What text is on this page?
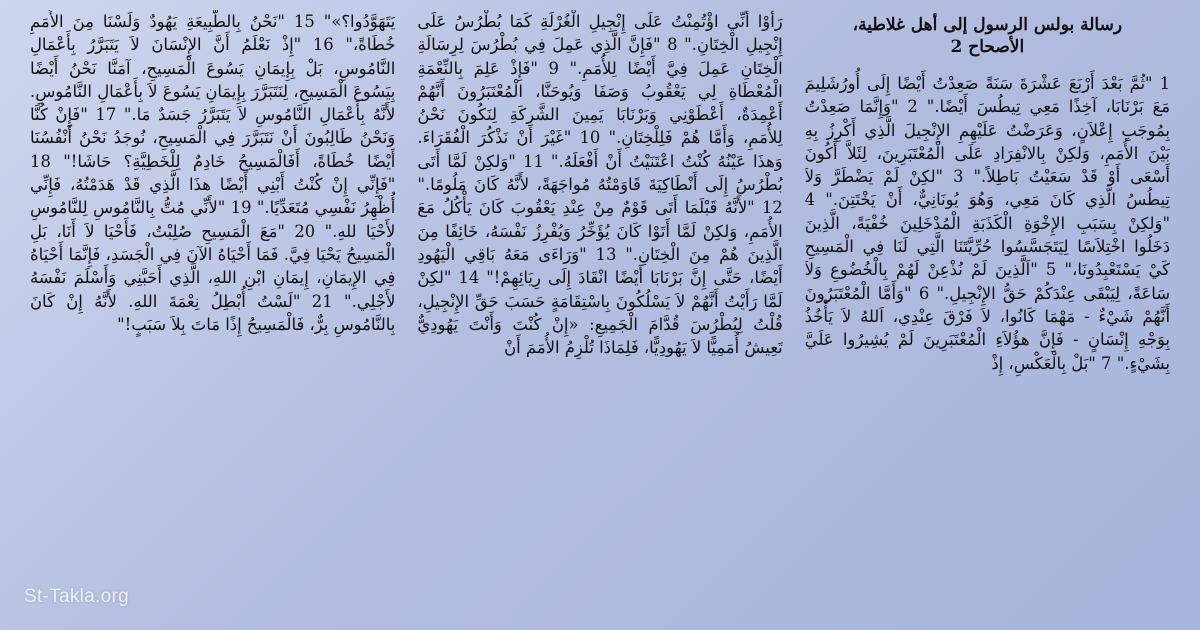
رسالة بولس الرسول إلى أهل غلاطية،
الأصحاح 2
1 "ثُمَّ بَعْدَ أَرْبَعَ عَشْرَةَ سَنَةً صَعِدْتُ أَيْضًا إِلَى أُورُشَلِيمَ مَعَ بَرْنَابَا، آخِذًا مَعِي تِيطُسَ أَيْضًا." 2 "وَإِنَّمَا صَعِدْتُ بِمُوجَبِ إِعْلاَنٍ، وَعَرَضْتُ عَلَيْهِمِ الإِنْجِيلَ الَّذِي أَكْرِزُ بِهِ بَيْنَ الأُمَمِ، وَلكِنْ بِالانْفِرَادِ عَلَى الْمُعْتَبَرِينَ، لِئَلاَّ أَكُونَ أَسْعَى أَوْ قَدْ سَعَيْتُ بَاطِلاً." 3 "لكِنْ لَمْ يَضْطَرَّ وَلاَ تِيطُسُ الَّذِي كَانَ مَعِي، وَهُوَ يُونَانِيٌّ، أَنْ يَخْتَتِنَ." 4 "وَلكِنْ بِسَبَبِ الإِخْوَةِ الْكَذَبَةِ الْمُدْخَلِينَ خُفْيَةً، الَّذِينَ دَخَلُوا اخْتِلاَسًا لِيَتَجَسَّسُوا حُرِّيَّتَنَا الَّتِي لَنَا فِي الْمَسِيحِ كَيْ يَسْتَعْبِدُونَا،" 5 "اَلَّذِينَ لَمْ نُذْعِنْ لَهُمْ بِالْخُضُوعِ وَلاَ سَاعَةً، لِيَبْقَى عِنْدَكُمْ حَقُّ الإِنْجِيلِ." 6 "وَأَمَّا الْمُعْتَبَرُونَ أَنَّهُمْ شَيْءٌ - مَهْمَا كَانُوا، لاَ فَرْقَ عِنْدِي، اَللهُ لاَ يَأْخُذُ بِوَجْهِ إِنْسَانٍ - فَإِنَّ هؤُلاَءِ الْمُعْتَبَرِينَ لَمْ يُشِيرُوا عَلَيَّ بِشَيْءٍ." 7 "بَلْ بِالْعَكْسِ، إِذْ
رَأَوْا أَنِّي اؤْتُمِنْتُ عَلَى إِنْجِيلِ الْغُرْلَةِ كَمَا بُطْرُسُ عَلَى إِنْجِيلِ الْخِتَانِ." 8 "فَإِنَّ الَّذِي عَمِلَ فِي بُطْرُسَ لِرِسَالَةِ الْخِتَانِ عَمِلَ فِيَّ أَيْضًا لِلأُمَمِ." 9 "فَإِذْ عَلِمَ بِالنِّعْمَةِ الْمُعْطَاةِ لِي يَعْقُوبُ وَصَفَا وَيُوحَنَّا، الْمُعْتَبَرُونَ أَنَّهُمْ أَعْمِدَةٌ، أَعْطَوْنِي وَبَرْنَابَا يَمِينَ الشَّرِكَةِ لِنَكُونَ نَحْنُ لِلأُمَمِ، وَأَمَّا هُمْ فَلِلْخِتَانِ." 10 "غَيْرَ أَنْ نَذْكُرَ الْفُقَرَاءَ. وَهذَا عَيْنُهُ كُنْتُ اعْتَنَيْتُ أَنْ أَفْعَلَهُ." 11 "وَلكِنْ لَمَّا أَتَى بُطْرُسُ إِلَى أَنْطَاكِيَةَ قَاوَمْتُهُ مُواجَهَةً، لأَنَّهُ كَانَ مَلُومًا." 12 "لأَنَّهُ قَبْلَمَا أَتَى قَوْمٌ مِنْ عِنْدِ يَعْقُوبَ كَانَ يَأْكُلُ مَعَ الأُمَمِ، وَلكِنْ لَمَّا أَتَوْا كَانَ يُؤَخِّرُ وَيُفْرِزُ نَفْسَهُ، خَائِفًا مِنَ الَّذِينَ هُمْ مِنَ الْخِتَانِ." 13 "وَرَاءَى مَعَهُ بَاقِي الْيَهُودِ أَيْضًا، حَتَّى إِنَّ بَرْنَابَا أَيْضًا انْقَادَ إِلَى رِيَائِهِمْ!" 14 "لكِنْ لَمَّا رَأَيْتُ أَنَّهُمْ لاَ يَسْلُكُونَ بِاسْتِقَامَةٍ حَسَبَ حَقِّ الإِنْجِيلِ، قُلْتُ لِبُطْرُسَ قُدَّامَ الْجَمِيعِ: «إِنْ كُنْتَ وَأَنْتَ يَهُودِيٌّ تَعِيشُ أُمَمِيًّا لاَ يَهُودِيًّا، فَلِمَاذَا تُلْزِمُ الأُمَمَ أَنْ
يَتَهَوَّدُوا؟»" 15 "نَحْنُ بِالطَّبِيعَةِ يَهُودٌ وَلَسْنَا مِنَ الأُمَمِ خُطَاةً،" 16 "إِذْ نَعْلَمُ أَنَّ الإِنْسَانَ لاَ يَتَبَرَّرُ بِأَعْمَالِ النَّامُوسِ، بَلْ بِإِيمَانِ يَسُوعَ الْمَسِيحِ، آمَنَّا نَحْنُ أَيْضًا بِيَسُوعَ الْمَسِيحِ، لِنَتَبَرَّرَ بِإِيمَانِ يَسُوعَ لاَ بِأَعْمَالِ النَّامُوسِ. لأَنَّهُ بِأَعْمَالِ النَّامُوسِ لاَ يَتَبَرَّرُ جَسَدٌ مَا." 17 "فَإِنْ كُنَّا وَنَحْنُ طَالِبُونَ أَنْ نَتَبَرَّرَ فِي الْمَسِيحِ، نُوجَدُ نَحْنُ أَنْفُسُنَا أَيْضًا خُطَاةً، أَفَالْمَسِيحُ خَادِمٌ لِلْخَطِيَّةِ؟ حَاشَا!" 18 "فَإِنِّي إِنْ كُنْتُ أَبْنِي أَيْضًا هذَا الَّذِي قَدْ هَدَمْتُهُ، فَإِنِّي أُظْهِرُ نَفْسِي مُتَعَدِّيًا." 19 "لأَنِّي مُتُّ بِالنَّامُوسِ لِلنَّامُوسِ لأَحْيَا للهِ." 20 "مَعَ الْمَسِيحِ صُلِبْتُ، فَأَحْيَا لاَ أَنَا، بَلِ الْمَسِيحُ يَحْيَا فِيَّ. فَمَا أَحْيَاهُ الآنَ فِي الْجَسَدِ، فَإِنَّمَا أَحْيَاهُ فِي الإِيمَانِ، إِيمَانِ ابْنِ اللهِ، الَّذِي أَحَبَّنِي وَأَسْلَمَ نَفْسَهُ لأَجْلِي." 21 "لَسْتُ أُبْطِلُ نِعْمَةَ اللهِ. لأَنَّهُ إِنْ كَانَ بِالنَّامُوسِ بِرٌّ، فَالْمَسِيحُ إِذًا مَاتَ بِلاَ سَبَبٍ!"
St-Takla.org
